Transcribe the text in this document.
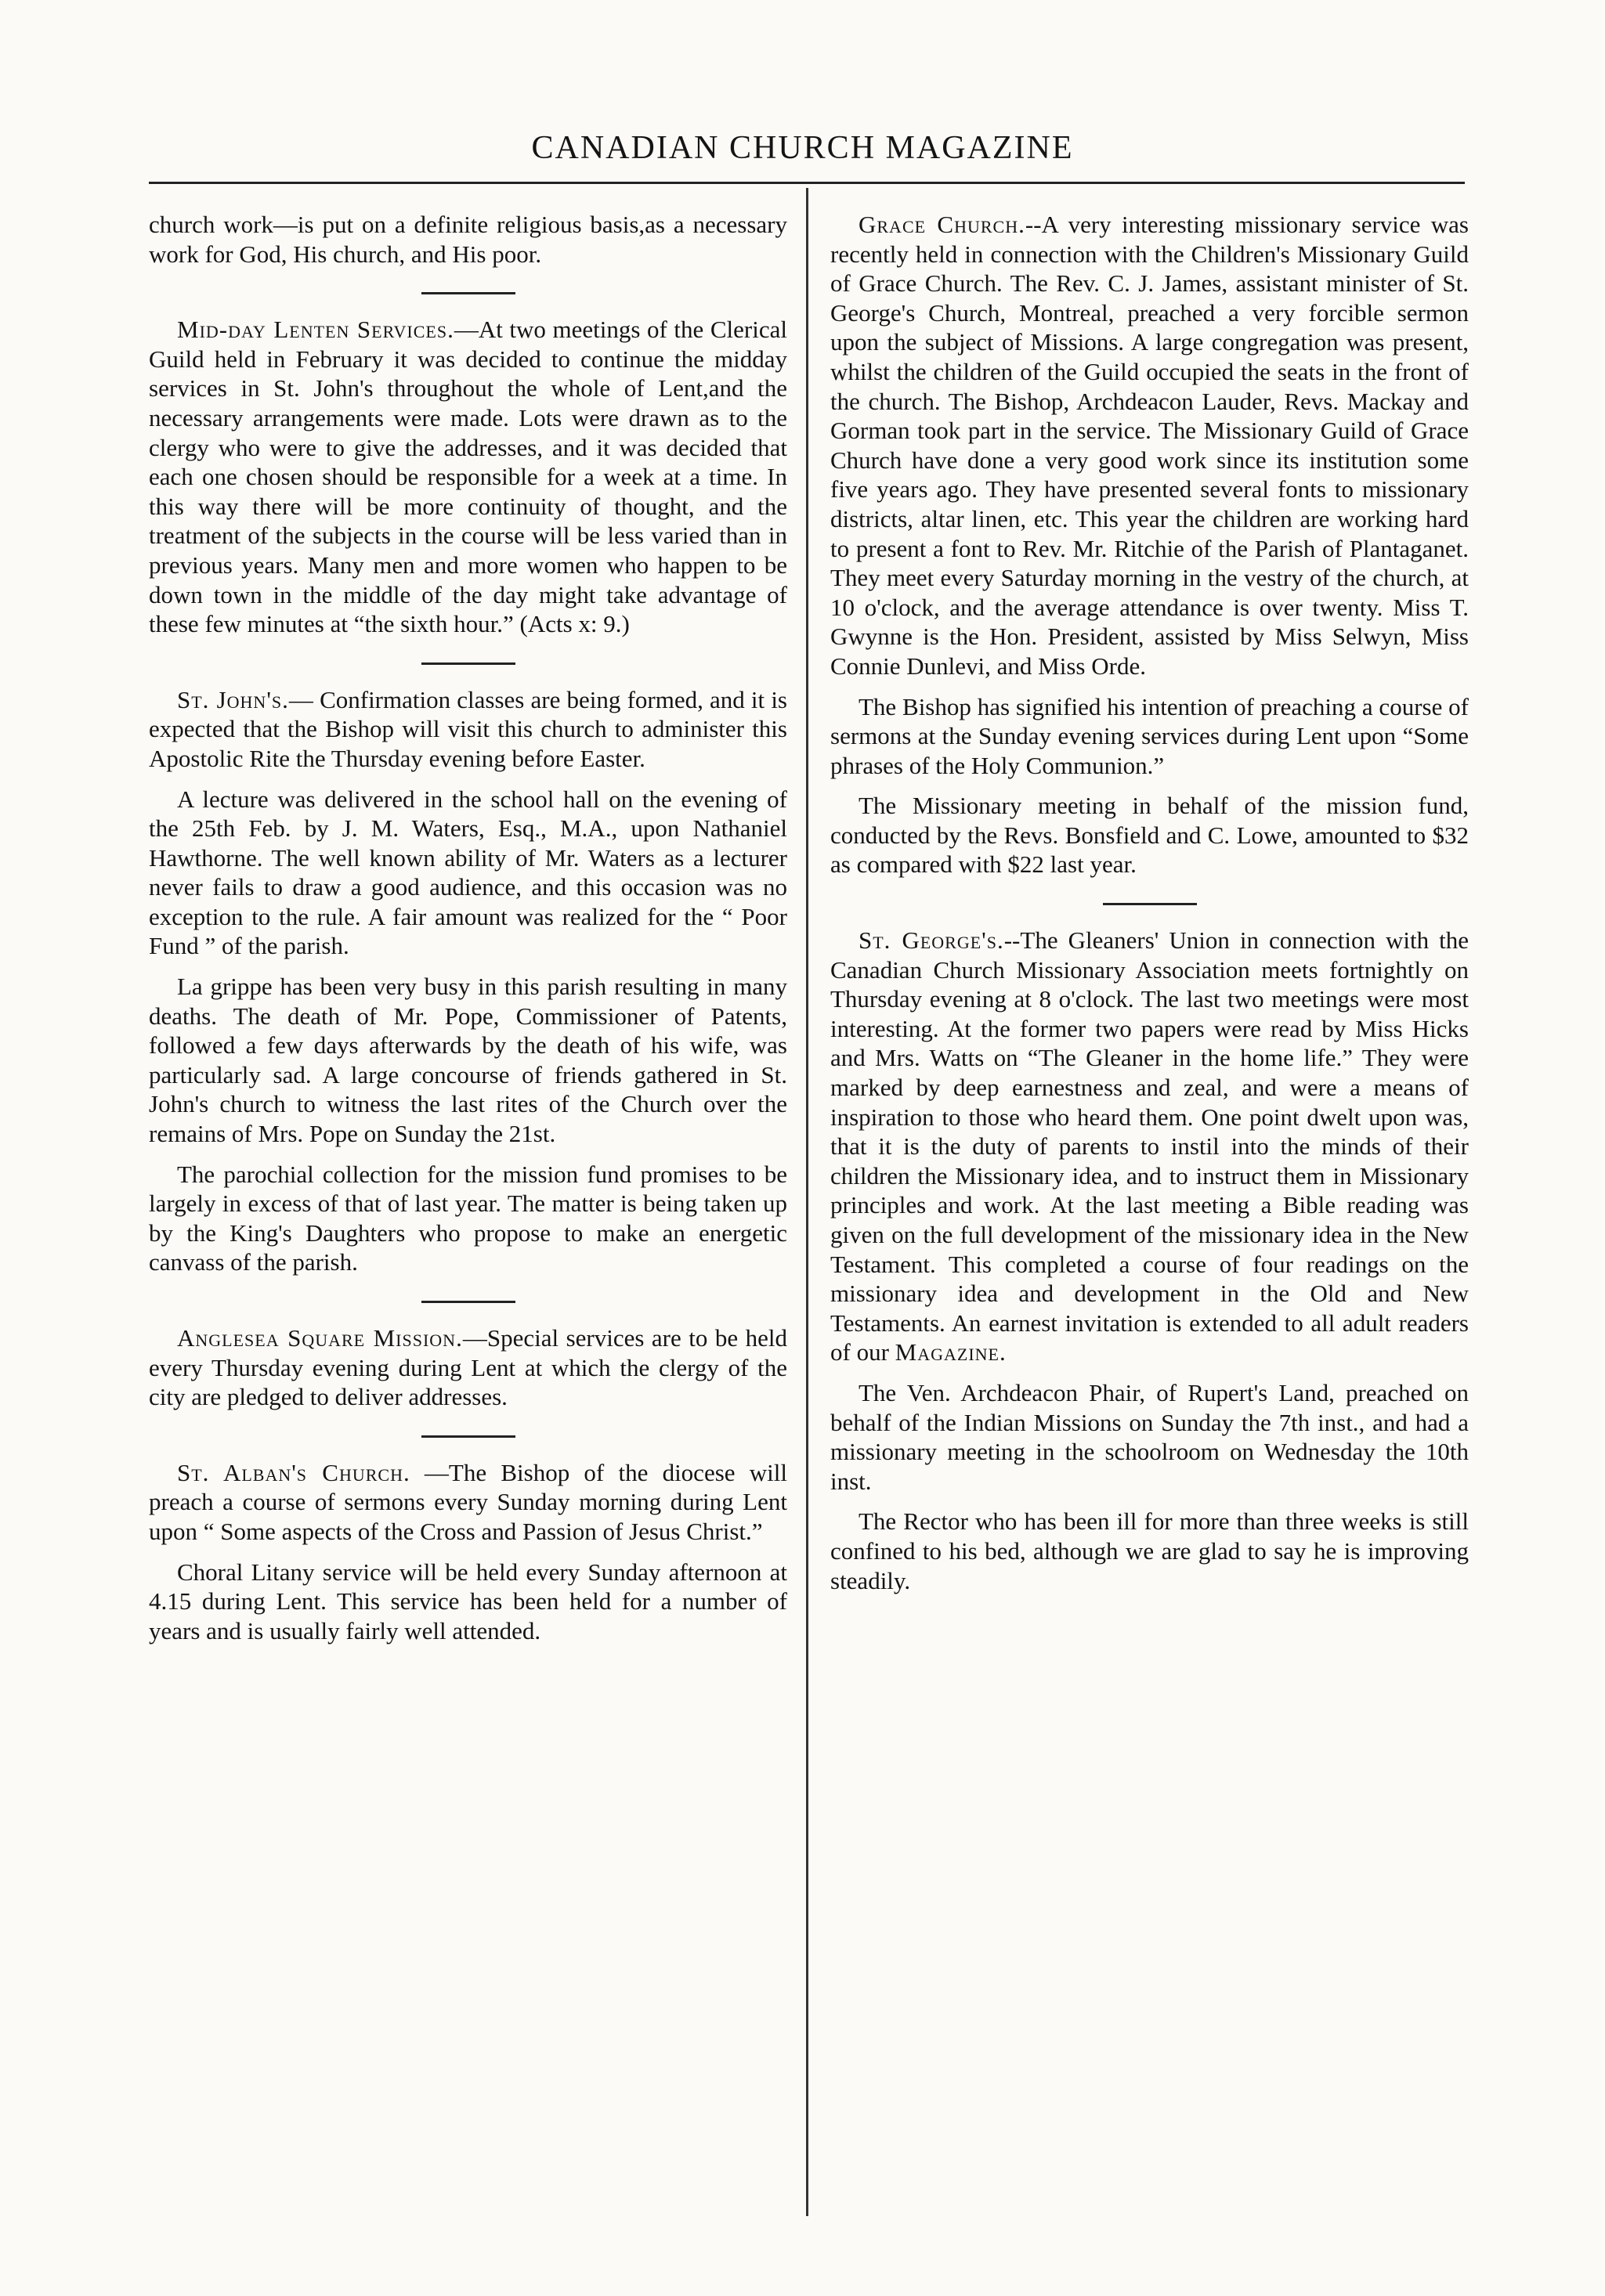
CANADIAN CHURCH MAGAZINE

church work—is put on a definite religious basis,as a necessary work for God, His church, and His poor.

Mid-day Lenten Services.—At two meetings of the Clerical Guild held in February it was decided to continue the midday services in St. John's throughout the whole of Lent,and the necessary arrangements were made. Lots were drawn as to the clergy who were to give the addresses, and it was decided that each one chosen should be responsible for a week at a time. In this way there will be more continuity of thought, and the treatment of the subjects in the course will be less varied than in previous years. Many men and more women who happen to be down town in the middle of the day might take advantage of these few minutes at “the sixth hour.” (Acts x: 9.)

St. John's.— Confirmation classes are being formed, and it is expected that the Bishop will visit this church to administer this Apostolic Rite the Thursday evening before Easter.

A lecture was delivered in the school hall on the evening of the 25th Feb. by J. M. Waters, Esq., M.A., upon Nathaniel Hawthorne. The well known ability of Mr. Waters as a lecturer never fails to draw a good audience, and this occasion was no exception to the rule. A fair amount was realized for the “ Poor Fund ” of the parish.

La grippe has been very busy in this parish resulting in many deaths. The death of Mr. Pope, Commissioner of Patents, followed a few days afterwards by the death of his wife, was particularly sad. A large concourse of friends gathered in St. John's church to witness the last rites of the Church over the remains of Mrs. Pope on Sunday the 21st.

The parochial collection for the mission fund promises to be largely in excess of that of last year. The matter is being taken up by the King's Daughters who propose to make an energetic canvass of the parish.

Anglesea Square Mission.—Special services are to be held every Thursday evening during Lent at which the clergy of the city are pledged to deliver addresses.

St. Alban's Church. —The Bishop of the diocese will preach a course of sermons every Sunday morning during Lent upon “ Some aspects of the Cross and Passion of Jesus Christ.”

Choral Litany service will be held every Sunday afternoon at 4.15 during Lent. This service has been held for a number of years and is usually fairly well attended.

Grace Church.--A very interesting missionary service was recently held in connection with the Children's Missionary Guild of Grace Church. The Rev. C. J. James, assistant minister of St. George's Church, Montreal, preached a very forcible sermon upon the subject of Missions. A large congregation was present, whilst the children of the Guild occupied the seats in the front of the church. The Bishop, Archdeacon Lauder, Revs. Mackay and Gorman took part in the service. The Missionary Guild of Grace Church have done a very good work since its institution some five years ago. They have presented several fonts to missionary districts, altar linen, etc. This year the children are working hard to present a font to Rev. Mr. Ritchie of the Parish of Plantaganet. They meet every Saturday morning in the vestry of the church, at 10 o'clock, and the average attendance is over twenty. Miss T. Gwynne is the Hon. President, assisted by Miss Selwyn, Miss Connie Dunlevi, and Miss Orde.

The Bishop has signified his intention of preaching a course of sermons at the Sunday evening services during Lent upon “Some phrases of the Holy Communion.”

The Missionary meeting in behalf of the mission fund, conducted by the Revs. Bonsfield and C. Lowe, amounted to $32 as compared with $22 last year.

St. George's.--The Gleaners' Union in connection with the Canadian Church Missionary Association meets fortnightly on Thursday evening at 8 o'clock. The last two meetings were most interesting. At the former two papers were read by Miss Hicks and Mrs. Watts on “The Gleaner in the home life.” They were marked by deep earnestness and zeal, and were a means of inspiration to those who heard them. One point dwelt upon was, that it is the duty of parents to instil into the minds of their children the Missionary idea, and to instruct them in Missionary principles and work. At the last meeting a Bible reading was given on the full development of the missionary idea in the New Testament. This completed a course of four readings on the missionary idea and development in the Old and New Testaments. An earnest invitation is extended to all adult readers of our Magazine.

The Ven. Archdeacon Phair, of Rupert's Land, preached on behalf of the Indian Missions on Sunday the 7th inst., and had a missionary meeting in the schoolroom on Wednesday the 10th inst.

The Rector who has been ill for more than three weeks is still confined to his bed, although we are glad to say he is improving steadily.
